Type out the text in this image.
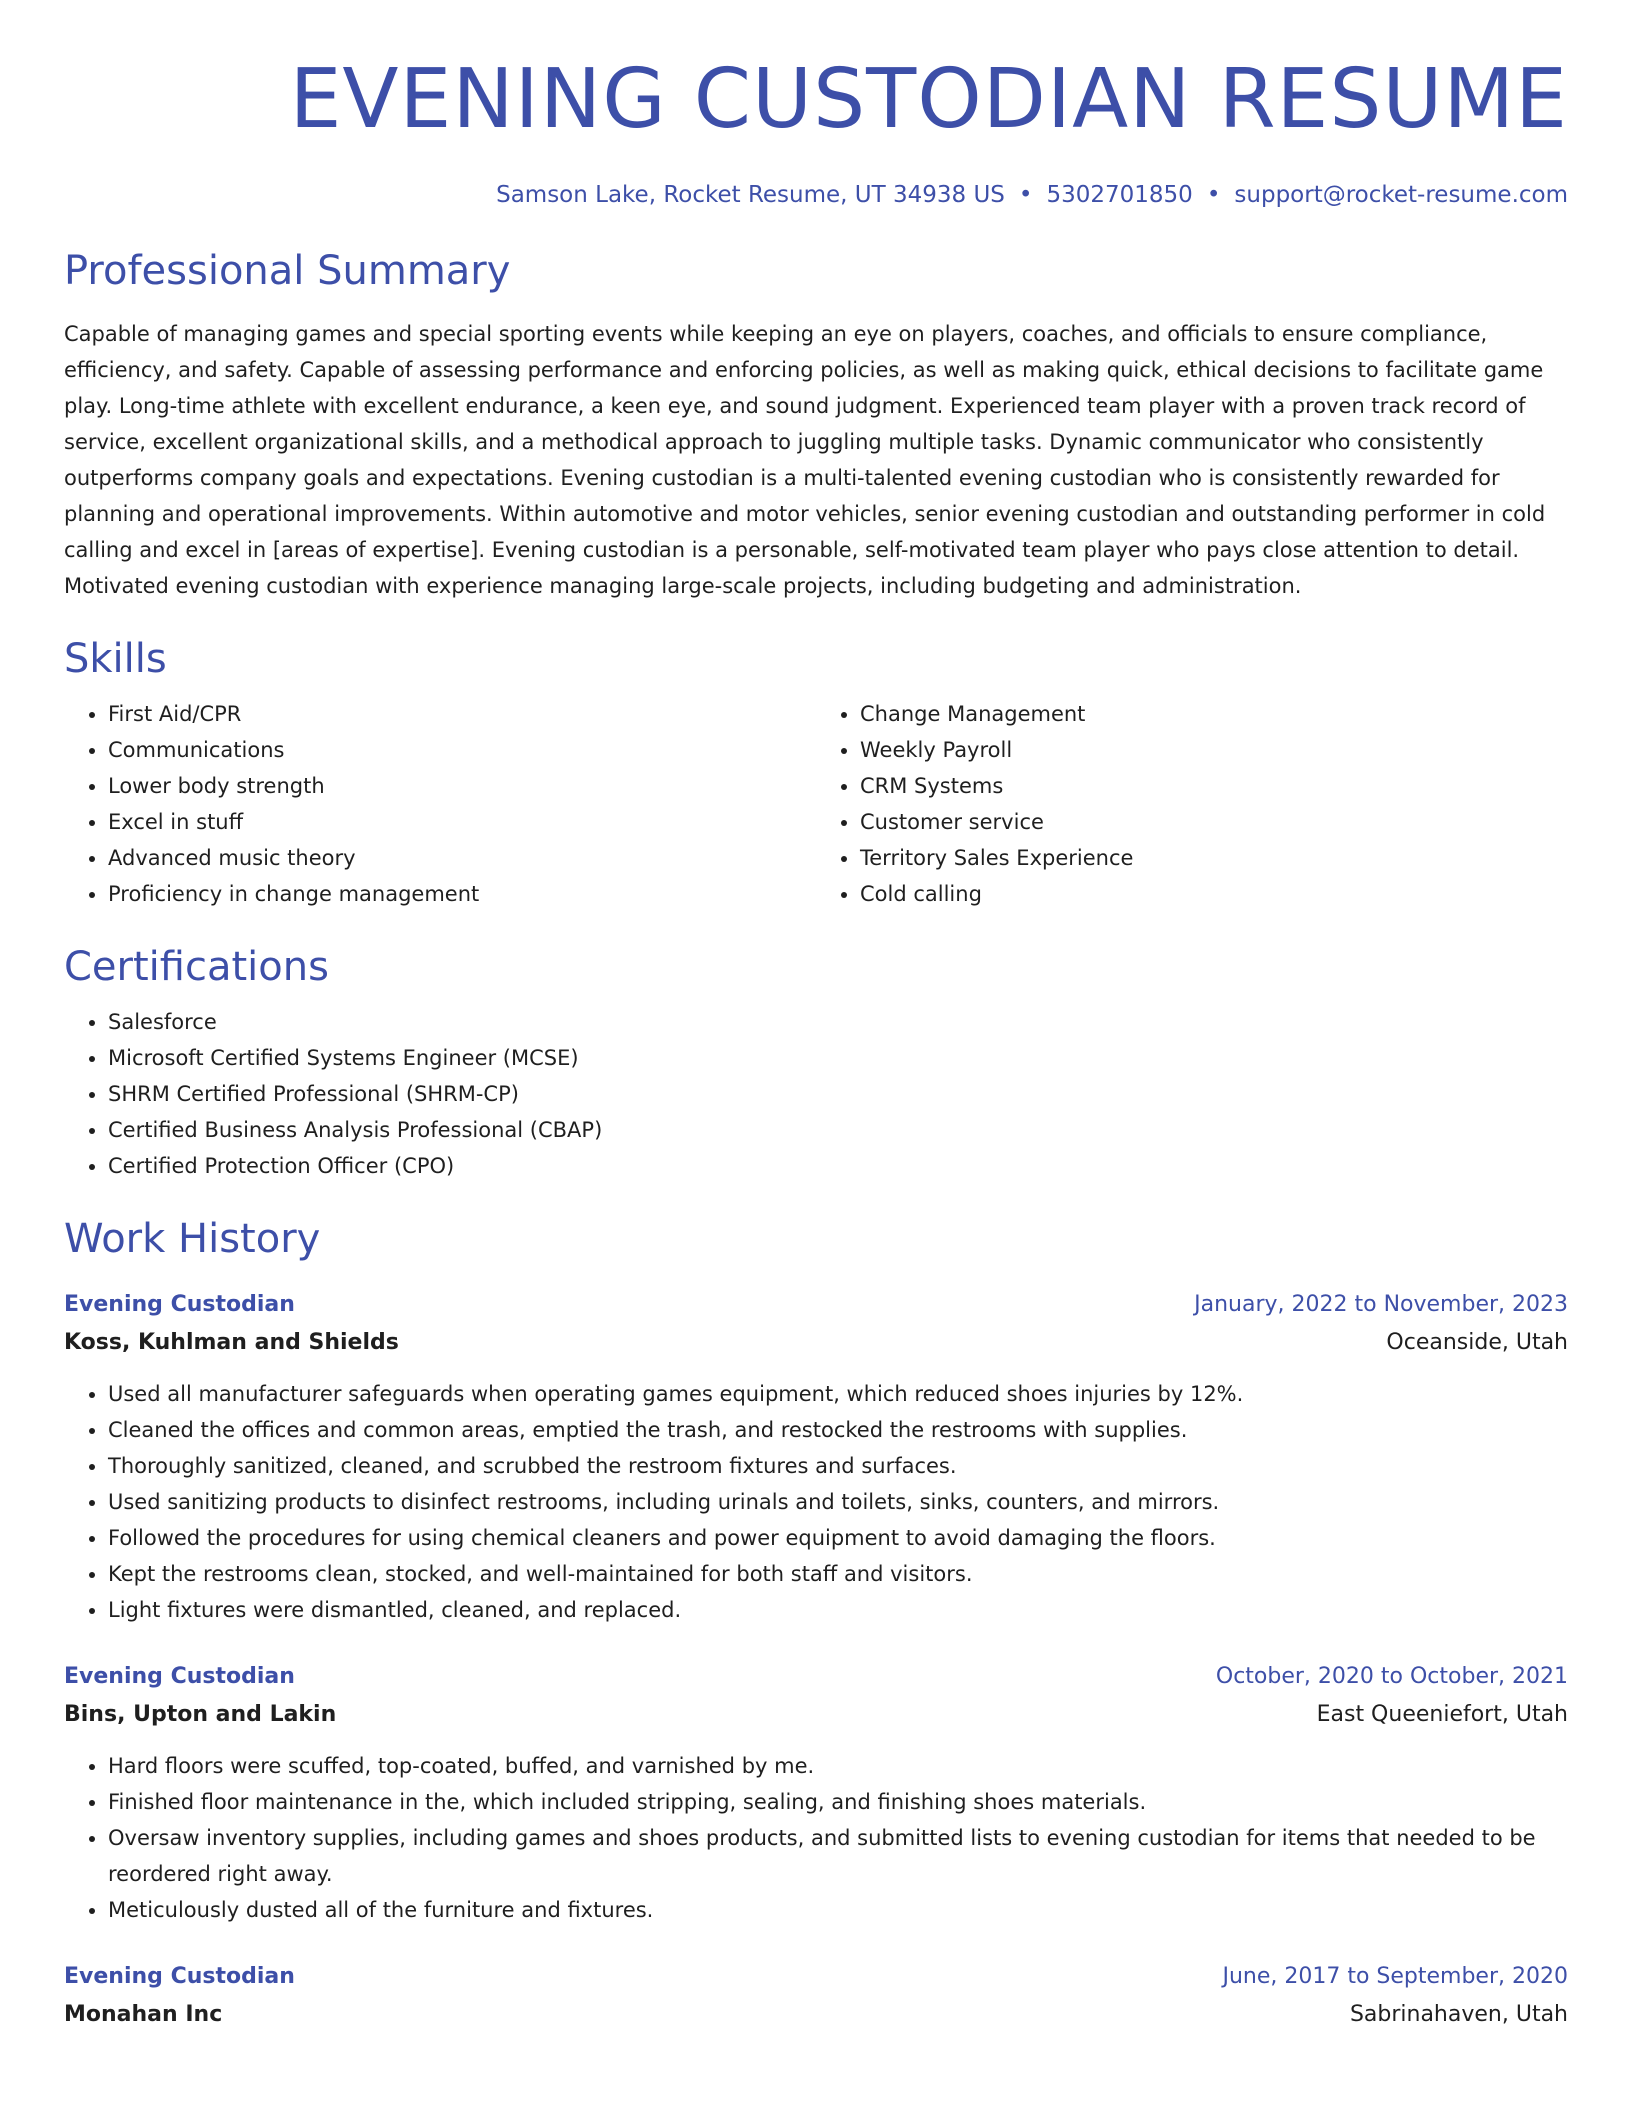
EVENING CUSTODIAN RESUME
Samson Lake, Rocket Resume, UT 34938 US • 5302701850 • support@rocket-resume.com
Professional Summary

Capable of managing games and special sporting events while keeping an eye on players, coaches, and officials to ensure compliance, efficiency, and safety. Capable of assessing performance and enforcing policies, as well as making quick, ethical decisions to facilitate game play. Long-time athlete with excellent endurance, a keen eye, and sound judgment. Experienced team player with a proven track record of service, excellent organizational skills, and a methodical approach to juggling multiple tasks. Dynamic communicator who consistently outperforms company goals and expectations. Evening custodian is a multi-talented evening custodian who is consistently rewarded for planning and operational improvements. Within automotive and motor vehicles, senior evening custodian and outstanding performer in cold calling and excel in [areas of expertise]. Evening custodian is a personable, self-motivated team player who pays close attention to detail. Motivated evening custodian with experience managing large-scale projects, including budgeting and administration.

Skills
• First Aid/CPR
• Communications
• Lower body strength
• Excel in stuff
• Advanced music theory
• Proficiency in change management
• Change Management
• Weekly Payroll
• CRM Systems
• Customer service
• Territory Sales Experience
• Cold calling
Certifications
• Salesforce
• Microsoft Certified Systems Engineer (MCSE)
• SHRM Certified Professional (SHRM-CP)
• Certified Business Analysis Professional (CBAP)
• Certified Protection Officer (CPO)
Work History
Evening Custodian	January, 2022 to November, 2023
Koss, Kuhlman and Shields	Oceanside, Utah
• Used all manufacturer safeguards when operating games equipment, which reduced shoes injuries by 12%.
• Cleaned the offices and common areas, emptied the trash, and restocked the restrooms with supplies.
• Thoroughly sanitized, cleaned, and scrubbed the restroom fixtures and surfaces.
• Used sanitizing products to disinfect restrooms, including urinals and toilets, sinks, counters, and mirrors.
• Followed the procedures for using chemical cleaners and power equipment to avoid damaging the floors.
• Kept the restrooms clean, stocked, and well-maintained for both staff and visitors.
• Light fixtures were dismantled, cleaned, and replaced.
Evening Custodian	October, 2020 to October, 2021
Bins, Upton and Lakin	East Queeniefort, Utah
• Hard floors were scuffed, top-coated, buffed, and varnished by me.
• Finished floor maintenance in the, which included stripping, sealing, and finishing shoes materials.
• Oversaw inventory supplies, including games and shoes products, and submitted lists to evening custodian for items that needed to be reordered right away.
• Meticulously dusted all of the furniture and fixtures.
Evening Custodian	June, 2017 to September, 2020
Monahan Inc	Sabrinahaven, Utah
